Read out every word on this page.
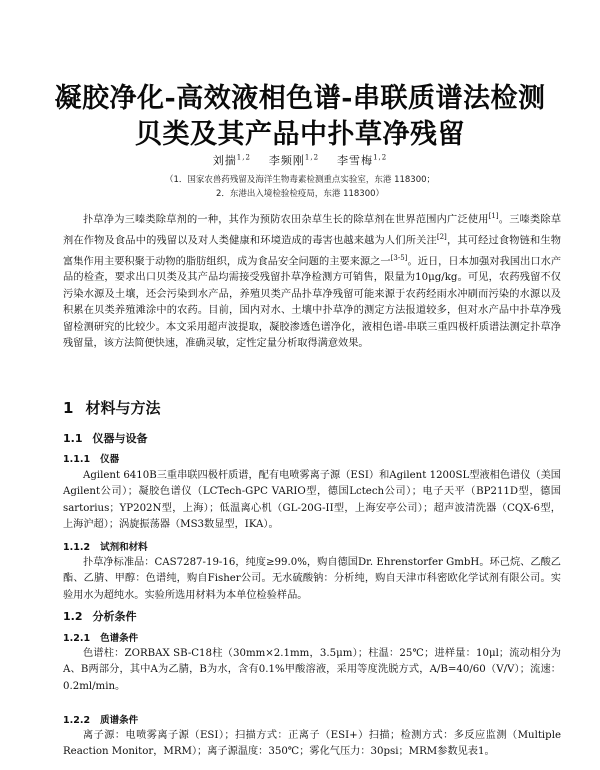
凝胶净化-高效液相色谱-串联质谱法检测
贝类及其产品中扑草净残留
刘揣$^{1,2}$ 李频刚$^{1,2}$ 李雪梅$^{1,2}$
（1．国家农兽药残留及海洋生物毒素检测重点实验室，东港 118300；
2．东港出入境检验检疫局，东港 118300）
扑草净为三嗪类除草剂的一种，其作为预防农田杂草生长的除草剂在世界范围内广泛使用[1]。三嗪类除草剂在作物及食品中的残留以及对人类健康和环境造成的毒害也越来越为人们所关注[2]，其可经过食物链和生物富集作用主要积聚于动物的脂肪组织，成为食品安全问题的主要来源之一[3-5]。近日，日本加强对我国出口水产品的检查，要求出口贝类及其产品均需接受残留扑草净检测方可销售，限量为10μg/kg。可见，农药残留不仅污染水源及土壤，还会污染到水产品，养殖贝类产品扑草净残留可能来源于农药经雨水冲刷而污染的水源以及积累在贝类养殖滩涂中的农药。目前，国内对水、土壤中扑草净的测定方法报道较多，但对水产品中扑草净残留检测研究的比较少。本文采用超声波提取，凝胶渗透色谱净化，液相色谱-串联三重四极杆质谱法测定扑草净残留量，该方法简便快速，准确灵敏，定性定量分析取得满意效果。
1 材料与方法
1.1 仪器与设备
1.1.1 仪器
Agilent 6410B三重串联四极杆质谱，配有电喷雾离子源（ESI）和Agilent 1200SL型液相色谱仪（美国Agilent公司）；凝胶色谱仪（LCTech-GPC VARIO型，德国Lctech公司）；电子天平（BP211D型，德国sartorius；YP202N型，上海）；低温离心机（GL-20G-II型，上海安亭公司）；超声波清洗器（CQX-6型，上海沪超）；涡旋振荡器（MS3数显型，IKA）。
1.1.2 试剂和材料
扑草净标准品：CAS7287-19-16，纯度≥99.0%，购自德国Dr. Ehrenstorfer GmbH。环己烷、乙酸乙酯、乙腈、甲醇：色谱纯，购自Fisher公司。无水硫酸钠：分析纯，购自天津市科密欧化学试剂有限公司。实验用水为超纯水。实验所选用材料为本单位检验样品。
1.2 分析条件
1.2.1 色谱条件
色谱柱：ZORBAX SB-C18柱（30mm×2.1mm，3.5μm）；柱温：25℃；进样量：10μl；流动相分为A、B两部分，其中A为乙腈，B为水，含有0.1%甲酸溶液，采用等度洗脱方式，A/B=40/60（V/V）；流速：0.2ml/min。
1.2.2 质谱条件
离子源：电喷雾离子源（ESI）；扫描方式：正离子（ESI+）扫描；检测方式：多反应监测（Multiple Reaction Monitor，MRM）；离子源温度：350℃；雾化气压力：30psi；MRM参数见表1。
